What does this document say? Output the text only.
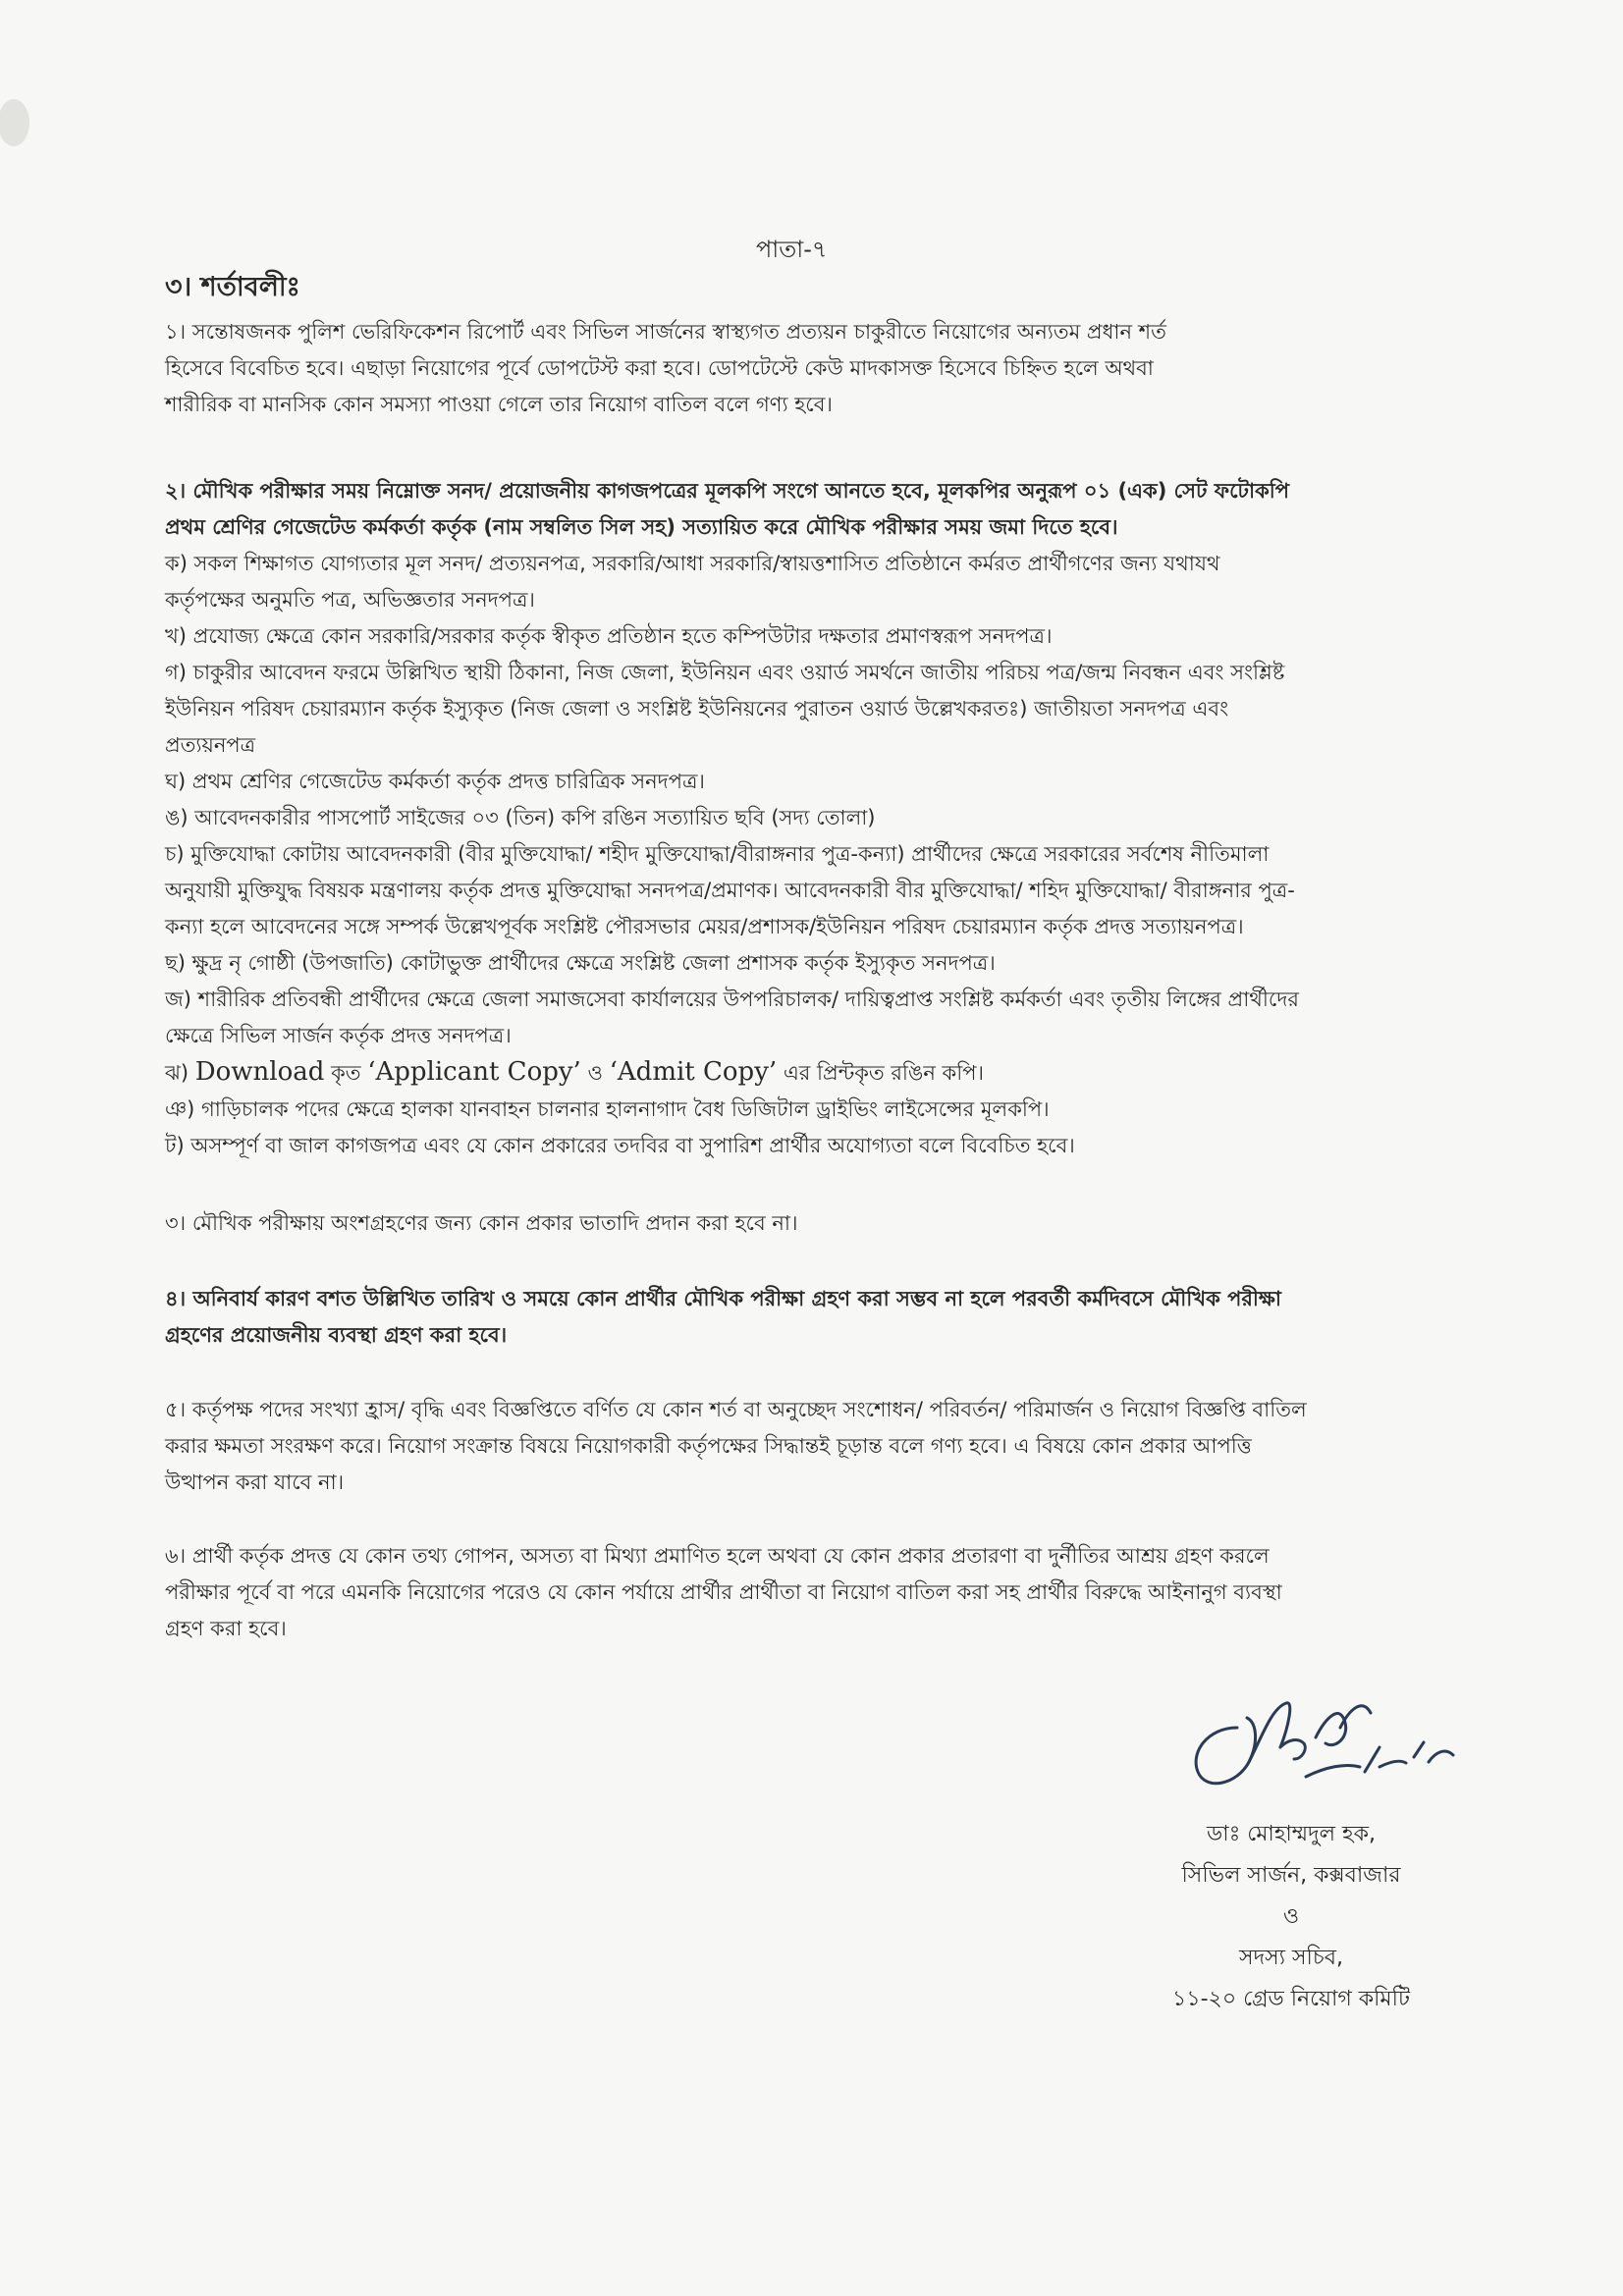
পাতা-৭
৩। শর্তাবলীঃ

১। সন্তোষজনক পুলিশ ভেরিফিকেশন রিপোর্ট এবং সিভিল সার্জনের স্বাস্থ্যগত প্রত্যয়ন চাকুরীতে নিয়োগের অন্যতম প্রধান শর্ত

হিসেবে বিবেচিত হবে। এছাড়া নিয়োগের পূর্বে ডোপটেস্ট করা হবে। ডোপটেস্টে কেউ মাদকাসক্ত হিসেবে চিহ্নিত হলে অথবা

শারীরিক বা মানসিক কোন সমস্যা পাওয়া গেলে তার নিয়োগ বাতিল বলে গণ্য হবে।

২। মৌখিক পরীক্ষার সময় নিম্নোক্ত সনদ/ প্রয়োজনীয় কাগজপত্রের মূলকপি সংগে আনতে হবে, মূলকপির অনুরূপ ০১ (এক) সেট ফটোকপি

প্রথম শ্রেণির গেজেটেড কর্মকর্তা কর্তৃক (নাম সম্বলিত সিল সহ) সত্যায়িত করে মৌখিক পরীক্ষার সময় জমা দিতে হবে।

ক) সকল শিক্ষাগত যোগ্যতার মূল সনদ/ প্রত্যয়নপত্র, সরকারি/আধা সরকারি/স্বায়ত্তশাসিত প্রতিষ্ঠানে কর্মরত প্রার্থীগণের জন্য যথাযথ

কর্তৃপক্ষের অনুমতি পত্র, অভিজ্ঞতার সনদপত্র।

খ) প্রযোজ্য ক্ষেত্রে কোন সরকারি/সরকার কর্তৃক স্বীকৃত প্রতিষ্ঠান হতে কম্পিউটার দক্ষতার প্রমাণস্বরূপ সনদপত্র।

গ) চাকুরীর আবেদন ফরমে উল্লিখিত স্থায়ী ঠিকানা, নিজ জেলা, ইউনিয়ন এবং ওয়ার্ড সমর্থনে জাতীয় পরিচয় পত্র/জন্ম নিবন্ধন এবং সংশ্লিষ্ট

ইউনিয়ন পরিষদ চেয়ারম্যান কর্তৃক ইস্যুকৃত (নিজ জেলা ও সংশ্লিষ্ট ইউনিয়নের পুরাতন ওয়ার্ড উল্লেখকরতঃ) জাতীয়তা সনদপত্র এবং

প্রত্যয়নপত্র

ঘ) প্রথম শ্রেণির গেজেটেড কর্মকর্তা কর্তৃক প্রদত্ত চারিত্রিক সনদপত্র।

ঙ) আবেদনকারীর পাসপোর্ট সাইজের ০৩ (তিন) কপি রঙিন সত্যায়িত ছবি (সদ্য তোলা)

চ) মুক্তিযোদ্ধা কোটায় আবেদনকারী (বীর মুক্তিযোদ্ধা/ শহীদ মুক্তিযোদ্ধা/বীরাঙ্গনার পুত্র-কন্যা) প্রার্থীদের ক্ষেত্রে সরকারের সর্বশেষ নীতিমালা

অনুযায়ী মুক্তিযুদ্ধ বিষয়ক মন্ত্রণালয় কর্তৃক প্রদত্ত মুক্তিযোদ্ধা সনদপত্র/প্রমাণক। আবেদনকারী বীর মুক্তিযোদ্ধা/ শহিদ মুক্তিযোদ্ধা/ বীরাঙ্গনার পুত্র-

কন্যা হলে আবেদনের সঙ্গে সম্পর্ক উল্লেখপূর্বক সংশ্লিষ্ট পৌরসভার মেয়র/প্রশাসক/ইউনিয়ন পরিষদ চেয়ারম্যান কর্তৃক প্রদত্ত সত্যায়নপত্র।

ছ) ক্ষুদ্র নৃ গোষ্ঠী (উপজাতি) কোটাভুক্ত প্রার্থীদের ক্ষেত্রে সংশ্লিষ্ট জেলা প্রশাসক কর্তৃক ইস্যুকৃত সনদপত্র।

জ) শারীরিক প্রতিবন্ধী প্রার্থীদের ক্ষেত্রে জেলা সমাজসেবা কার্যালয়ের উপপরিচালক/ দায়িত্বপ্রাপ্ত সংশ্লিষ্ট কর্মকর্তা এবং তৃতীয় লিঙ্গের প্রার্থীদের

ক্ষেত্রে সিভিল সার্জন কর্তৃক প্রদত্ত সনদপত্র।

ঝ) Download কৃত ‘Applicant Copy’ ও ‘Admit Copy’ এর প্রিন্টকৃত রঙিন কপি।

ঞ) গাড়িচালক পদের ক্ষেত্রে হালকা যানবাহন চালনার হালনাগাদ বৈধ ডিজিটাল ড্রাইভিং লাইসেন্সের মূলকপি।

ট) অসম্পূর্ণ বা জাল কাগজপত্র এবং যে কোন প্রকারের তদবির বা সুপারিশ প্রার্থীর অযোগ্যতা বলে বিবেচিত হবে।

৩। মৌখিক পরীক্ষায় অংশগ্রহণের জন্য কোন প্রকার ভাতাদি প্রদান করা হবে না।

৪। অনিবার্য কারণ বশত উল্লিখিত তারিখ ও সময়ে কোন প্রার্থীর মৌখিক পরীক্ষা গ্রহণ করা সম্ভব না হলে পরবর্তী কর্মদিবসে মৌখিক পরীক্ষা

গ্রহণের প্রয়োজনীয় ব্যবস্থা গ্রহণ করা হবে।

৫। কর্তৃপক্ষ পদের সংখ্যা হ্রাস/ বৃদ্ধি এবং বিজ্ঞপ্তিতে বর্ণিত যে কোন শর্ত বা অনুচ্ছেদ সংশোধন/ পরিবর্তন/ পরিমার্জন ও নিয়োগ বিজ্ঞপ্তি বাতিল

করার ক্ষমতা সংরক্ষণ করে। নিয়োগ সংক্রান্ত বিষয়ে নিয়োগকারী কর্তৃপক্ষের সিদ্ধান্তই চূড়ান্ত বলে গণ্য হবে। এ বিষয়ে কোন প্রকার আপত্তি

উত্থাপন করা যাবে না।

৬। প্রার্থী কর্তৃক প্রদত্ত যে কোন তথ্য গোপন, অসত্য বা মিথ্যা প্রমাণিত হলে অথবা যে কোন প্রকার প্রতারণা বা দুর্নীতির আশ্রয় গ্রহণ করলে

পরীক্ষার পূর্বে বা পরে এমনকি নিয়োগের পরেও যে কোন পর্যায়ে প্রার্থীর প্রার্থীতা বা নিয়োগ বাতিল করা সহ প্রার্থীর বিরুদ্ধে আইনানুগ ব্যবস্থা

গ্রহণ করা হবে।

ডাঃ মোহাম্মদুল হক,
সিভিল সার্জন, কক্সবাজার
ও
সদস্য সচিব,
১১-২০ গ্রেড নিয়োগ কমিটি
